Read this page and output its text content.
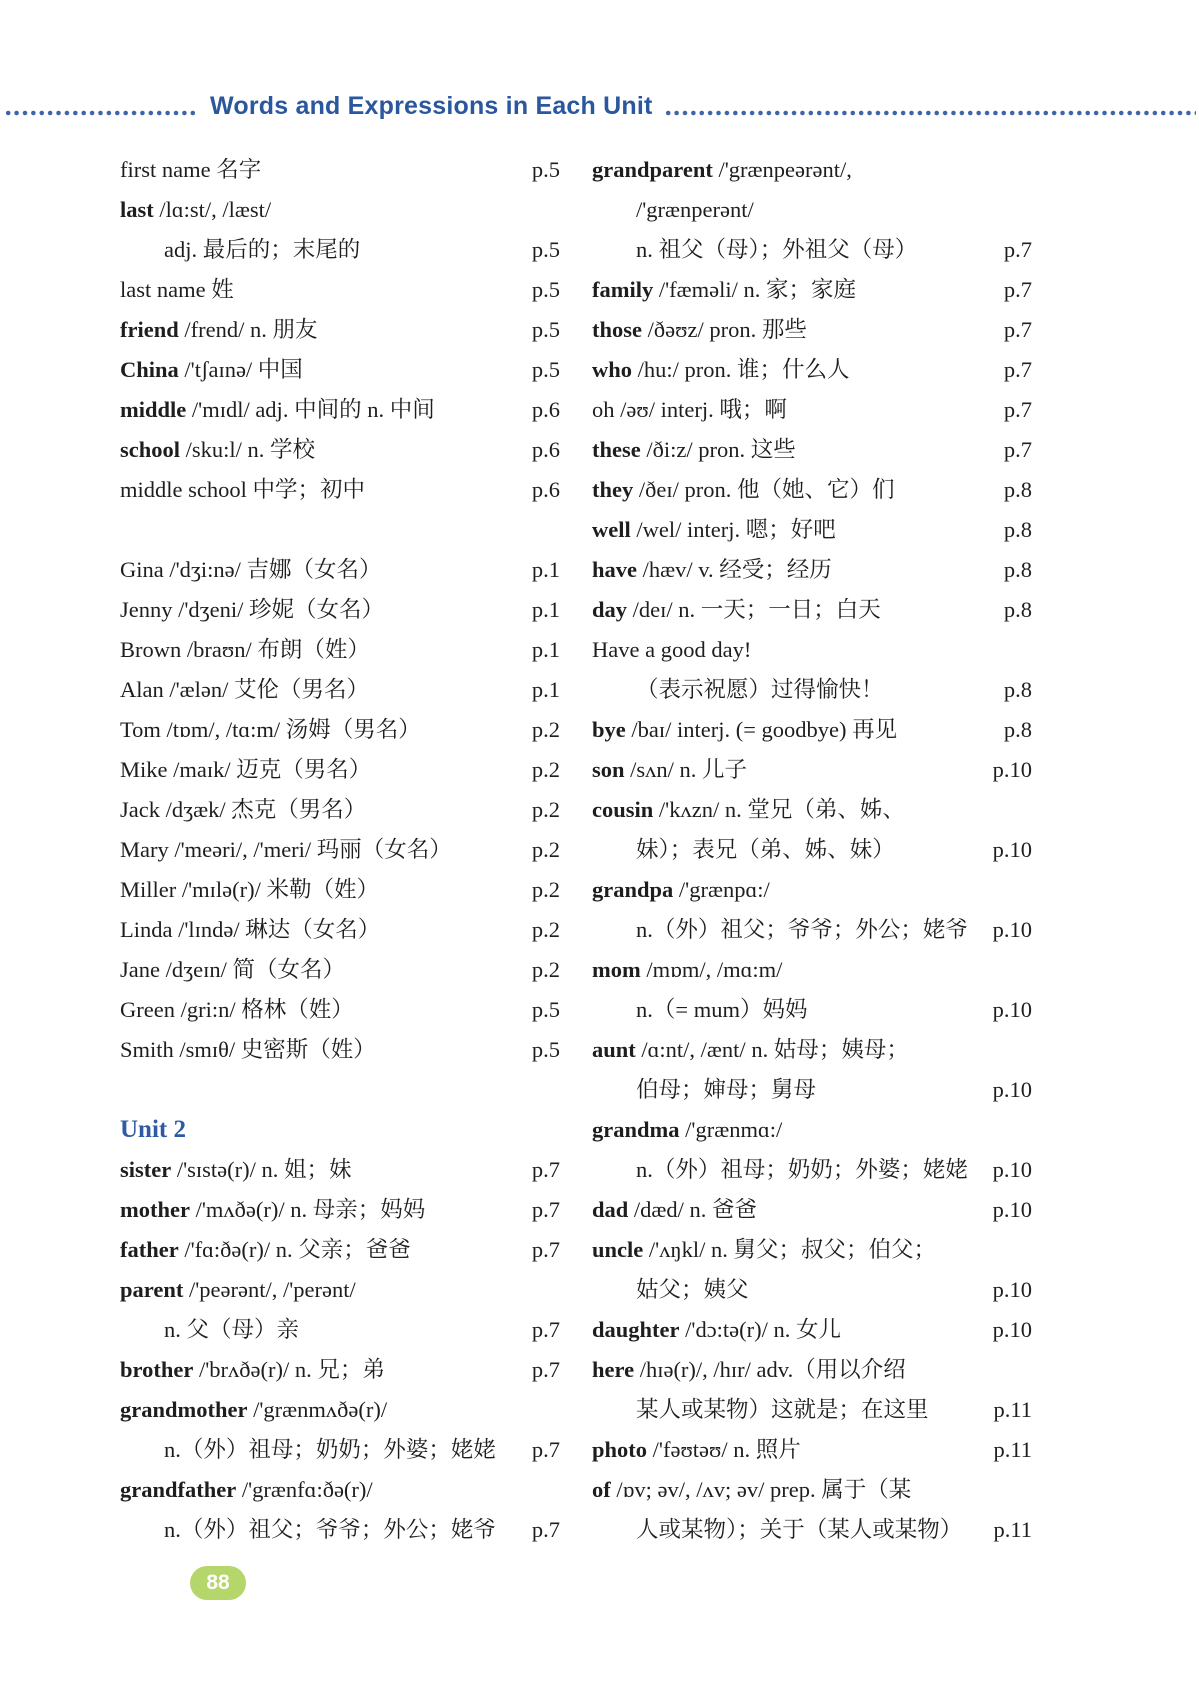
Words and Expressions in Each Unit
first name 名字	p.5
last /lɑ:st/, /læst/
adj. 最后的；末尾的	p.5
last name 姓	p.5
friend /frend/ n. 朋友	p.5
China /'tʃaɪnə/ 中国	p.5
middle /'mɪdl/ adj. 中间的 n. 中间	p.6
school /sku:l/ n. 学校	p.6
middle school 中学；初中	p.6
Gina /'dʒi:nə/ 吉娜（女名）	p.1
Jenny /'dʒeni/ 珍妮（女名）	p.1
Brown /braʊn/ 布朗（姓）	p.1
Alan /'ælən/ 艾伦（男名）	p.1
Tom /tɒm/, /tɑ:m/ 汤姆（男名）	p.2
Mike /maɪk/ 迈克（男名）	p.2
Jack /dʒæk/ 杰克（男名）	p.2
Mary /'meəri/, /'meri/ 玛丽（女名）	p.2
Miller /'mɪlə(r)/ 米勒（姓）	p.2
Linda /'lɪndə/ 琳达（女名）	p.2
Jane /dʒeɪn/ 简（女名）	p.2
Green /gri:n/ 格林（姓）	p.5
Smith /smɪθ/ 史密斯（姓）	p.5
Unit 2
sister /'sɪstə(r)/ n. 姐；妹	p.7
mother /'mʌðə(r)/ n. 母亲；妈妈	p.7
father /'fɑ:ðə(r)/ n. 父亲；爸爸	p.7
parent /'peərənt/, /'perənt/
n. 父（母）亲	p.7
brother /'brʌðə(r)/ n. 兄；弟	p.7
grandmother /'grænmʌðə(r)/
n.（外）祖母；奶奶；外婆；姥姥 p.7
grandfather /'grænfɑ:ðə(r)/
n.（外）祖父；爷爷；外公；姥爷 p.7
grandparent /'grænpeərənt/,
/'grænperənt/
n. 祖父（母）；外祖父（母）	p.7
family /'fæməli/ n. 家；家庭	p.7
those /ðəʊz/ pron. 那些	p.7
who /hu:/ pron. 谁；什么人	p.7
oh /əʊ/ interj. 哦；啊	p.7
these /ði:z/ pron. 这些	p.7
they /ðeɪ/ pron. 他（她、它）们	p.8
well /wel/ interj. 嗯；好吧	p.8
have /hæv/ v. 经受；经历	p.8
day /deɪ/ n. 一天；一日；白天	p.8
Have a good day!
（表示祝愿）过得愉快！	p.8
bye /baɪ/ interj. (= goodbye) 再见	p.8
son /sʌn/ n. 儿子	p.10
cousin /'kʌzn/ n. 堂兄（弟、姊、
妹）；表兄（弟、姊、妹）	p.10
grandpa /'grænpɑ:/
n.（外）祖父；爷爷；外公；姥爷 p.10
mom /mɒm/, /mɑ:m/
n.（= mum）妈妈	p.10
aunt /ɑ:nt/, /ænt/ n. 姑母；姨母；
伯母；婶母；舅母	p.10
grandma /'grænmɑ:/
n.（外）祖母；奶奶；外婆；姥姥 p.10
dad /dæd/ n. 爸爸	p.10
uncle /'ʌŋkl/ n. 舅父；叔父；伯父；
姑父；姨父	p.10
daughter /'dɔ:tə(r)/ n. 女儿	p.10
here /hɪə(r)/, /hɪr/ adv.（用以介绍
某人或某物）这就是；在这里	p.11
photo /'fəʊtəʊ/ n. 照片	p.11
of /ɒv; əv/, /ʌv; əv/ prep. 属于（某
人或某物）；关于（某人或某物） p.11
88
